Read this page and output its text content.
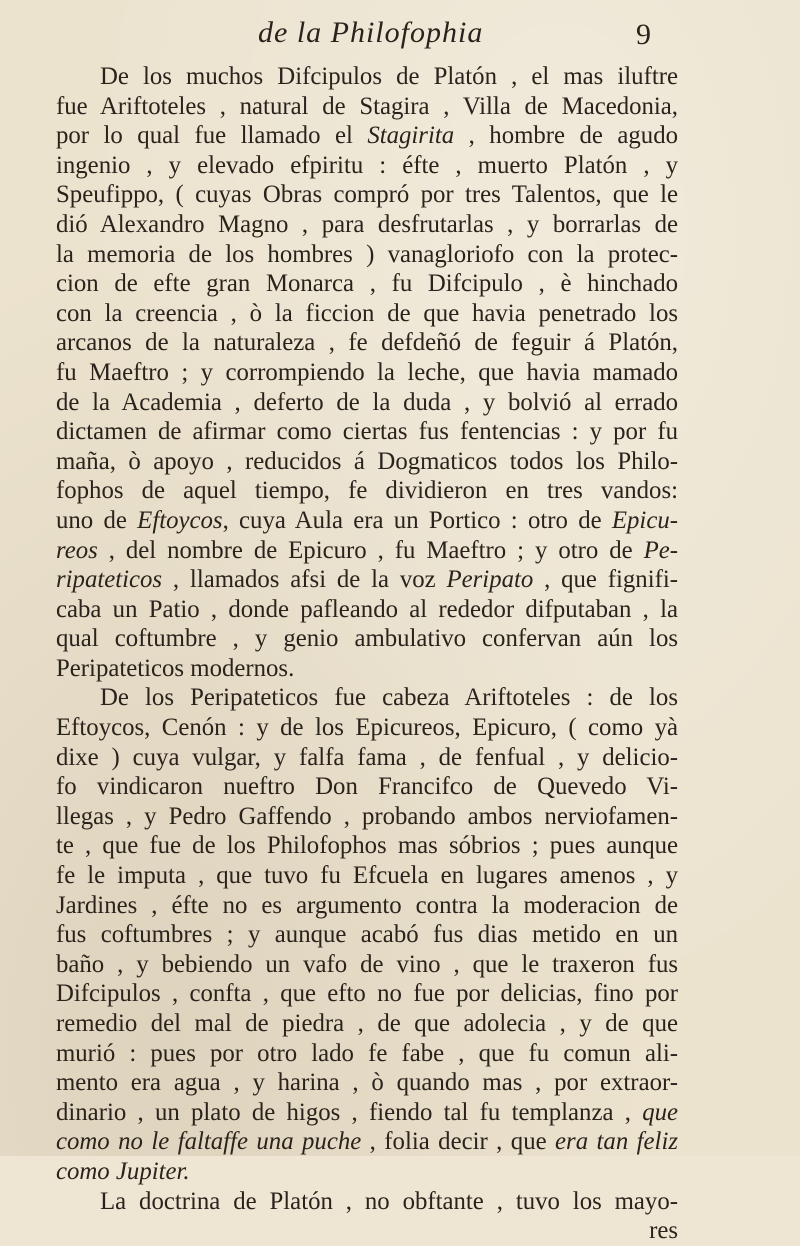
de la Philofophia	9
De los muchos Difcipulos de Platón , el mas iluftre
fue Ariftoteles , natural de Stagira , Villa de Macedonia,
por lo qual fue llamado el Stagirita , hombre de agudo
ingenio , y elevado efpiritu : éfte , muerto Platón , y
Speufippo, ( cuyas Obras compró por tres Talentos, que le
dió Alexandro Magno , para desfrutarlas , y borrarlas de
la memoria de los hombres ) vanagloriofo con la protec-
cion de efte gran Monarca , fu Difcipulo , è hinchado
con la creencia , ò la ficcion de que havia penetrado los
arcanos de la naturaleza , fe defdeñó de feguir á Platón,
fu Maeftro ; y corrompiendo la leche, que havia mamado
de la Academia , deferto de la duda , y bolvió al errado
dictamen de afirmar como ciertas fus fentencias : y por fu
maña, ò apoyo , reducidos á Dogmaticos todos los Philo-
fophos de aquel tiempo, fe dividieron en tres vandos:
uno de Eftoycos, cuya Aula era un Portico : otro de Epicu-
reos , del nombre de Epicuro , fu Maeftro ; y otro de Pe-
ripateticos , llamados afsi de la voz Peripato , que fignifi-
caba un Patio , donde pafleando al rededor difputaban , la
qual coftumbre , y genio ambulativo confervan aún los
Peripateticos modernos.
De los Peripateticos fue cabeza Ariftoteles : de los
Eftoycos, Cenón : y de los Epicureos, Epicuro, ( como yà
dixe ) cuya vulgar, y falfa fama , de fenfual , y delicio-
fo vindicaron nueftro Don Francifco de Quevedo Vi-
llegas , y Pedro Gaffendo , probando ambos nerviofamen-
te , que fue de los Philofophos mas sóbrios ; pues aunque
fe le imputa , que tuvo fu Efcuela en lugares amenos , y
Jardines , éfte no es argumento contra la moderacion de
fus coftumbres ; y aunque acabó fus dias metido en un
baño , y bebiendo un vafo de vino , que le traxeron fus
Difcipulos , confta , que efto no fue por delicias, fino por
remedio del mal de piedra , de que adolecia , y de que
murió : pues por otro lado fe fabe , que fu comun ali-
mento era agua , y harina , ò quando mas , por extraor-
dinario , un plato de higos , fiendo tal fu templanza , que
como no le faltaffe una puche , folia decir , que era tan feliz
como Jupiter.
La doctrina de Platón , no obftante , tuvo los mayo-
res
